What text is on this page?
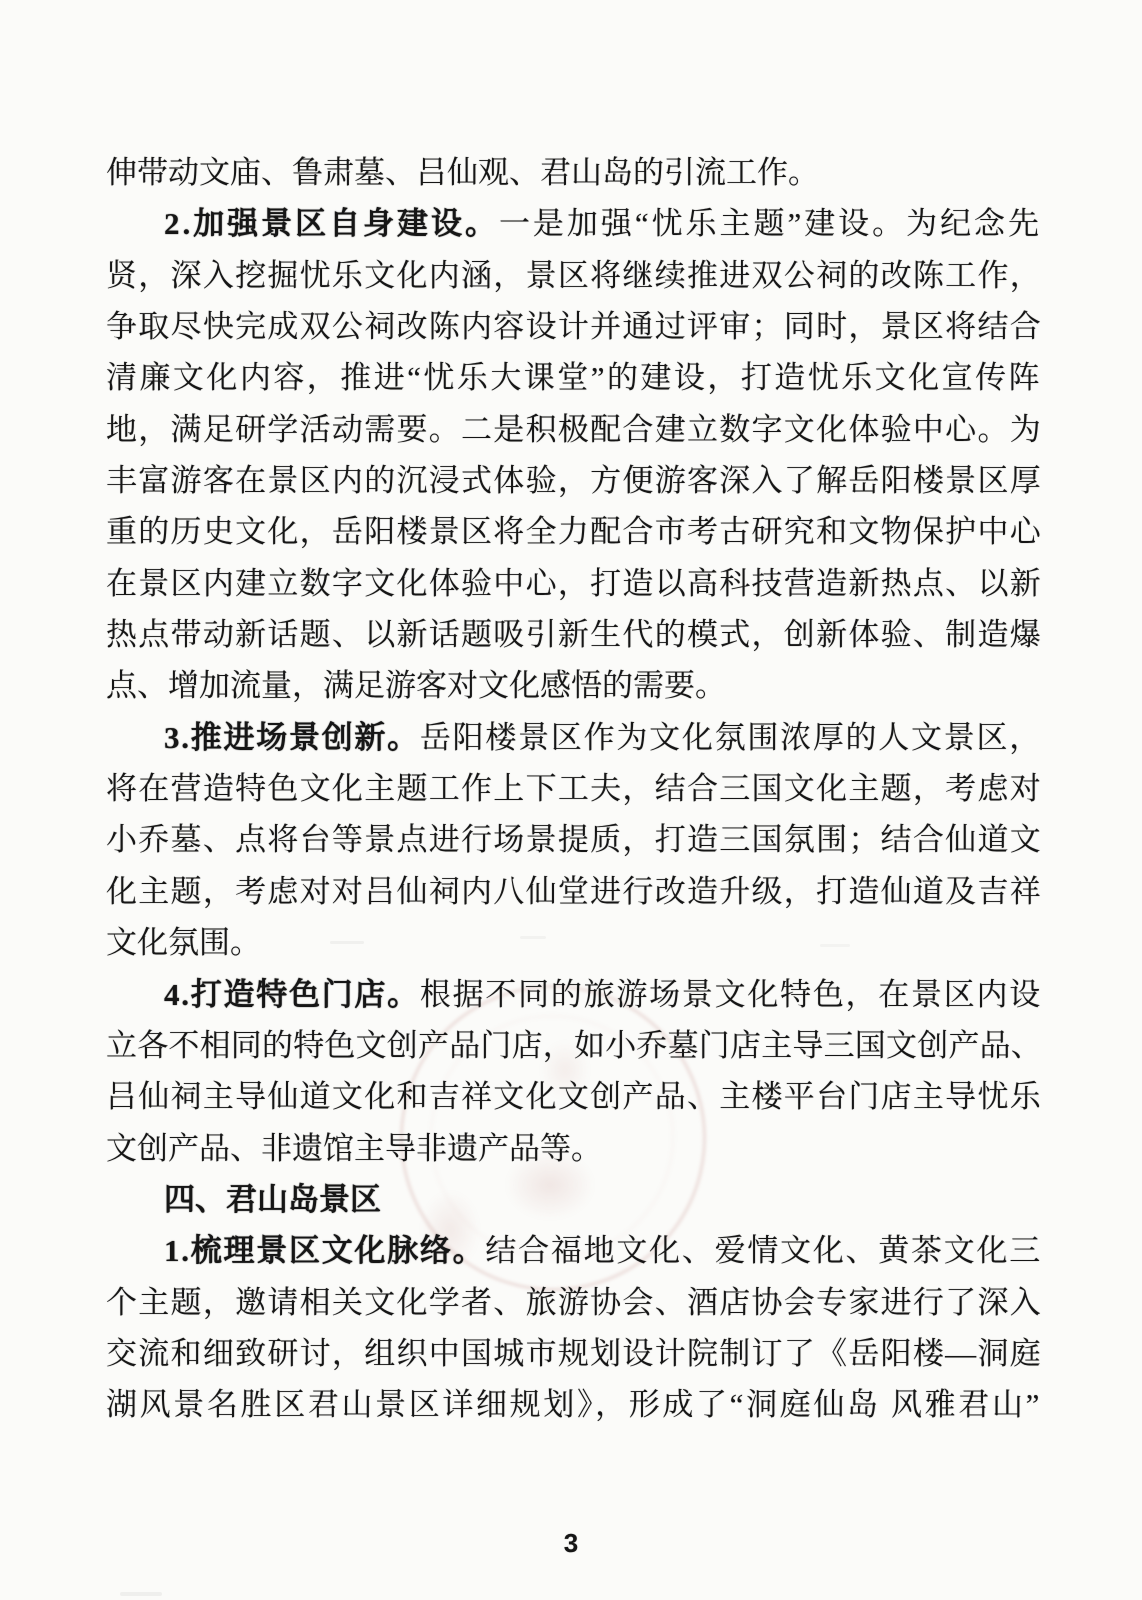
伸带动文庙、鲁肃墓、吕仙观、君山岛的引流工作。
2.加强景区自身建设。一是加强“忧乐主题”建设。为纪念先
贤，深入挖掘忧乐文化内涵，景区将继续推进双公祠的改陈工作，
争取尽快完成双公祠改陈内容设计并通过评审；同时，景区将结合
清廉文化内容，推进“忧乐大课堂”的建设，打造忧乐文化宣传阵
地，满足研学活动需要。二是积极配合建立数字文化体验中心。为
丰富游客在景区内的沉浸式体验，方便游客深入了解岳阳楼景区厚
重的历史文化，岳阳楼景区将全力配合市考古研究和文物保护中心
在景区内建立数字文化体验中心，打造以高科技营造新热点、以新
热点带动新话题、以新话题吸引新生代的模式，创新体验、制造爆
点、增加流量，满足游客对文化感悟的需要。
3.推进场景创新。岳阳楼景区作为文化氛围浓厚的人文景区，
将在营造特色文化主题工作上下工夫，结合三国文化主题，考虑对
小乔墓、点将台等景点进行场景提质，打造三国氛围；结合仙道文
化主题，考虑对对吕仙祠内八仙堂进行改造升级，打造仙道及吉祥
文化氛围。
4.打造特色门店。根据不同的旅游场景文化特色，在景区内设
立各不相同的特色文创产品门店，如小乔墓门店主导三国文创产品、
吕仙祠主导仙道文化和吉祥文化文创产品、主楼平台门店主导忧乐
文创产品、非遗馆主导非遗产品等。
四、君山岛景区
1.梳理景区文化脉络。结合福地文化、爱情文化、黄茶文化三
个主题，邀请相关文化学者、旅游协会、酒店协会专家进行了深入
交流和细致研讨，组织中国城市规划设计院制订了《岳阳楼—洞庭
湖风景名胜区君山景区详细规划》，形成了“洞庭仙岛 风雅君山”
3
